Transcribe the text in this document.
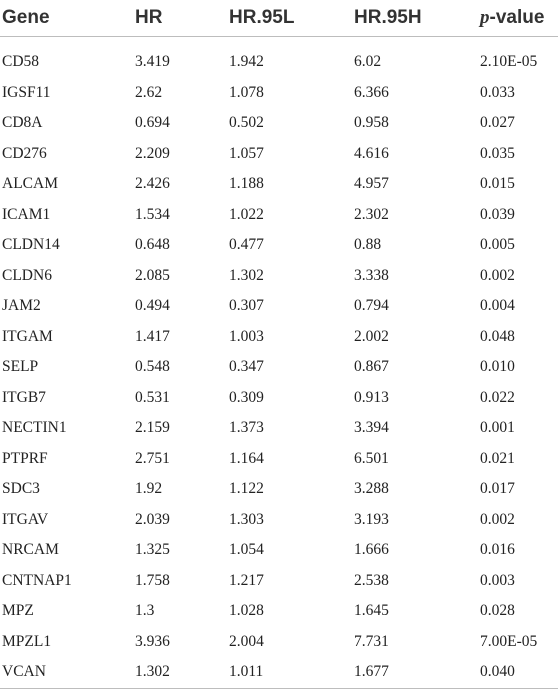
Gene	HR	HR.95L	HR.95H	p-value

CD58	3.419	1.942	6.02	2.10E-05
IGSF11	2.62	1.078	6.366	0.033
CD8A	0.694	0.502	0.958	0.027
CD276	2.209	1.057	4.616	0.035
ALCAM	2.426	1.188	4.957	0.015
ICAM1	1.534	1.022	2.302	0.039
CLDN14	0.648	0.477	0.88	0.005
CLDN6	2.085	1.302	3.338	0.002
JAM2	0.494	0.307	0.794	0.004
ITGAM	1.417	1.003	2.002	0.048
SELP	0.548	0.347	0.867	0.010
ITGB7	0.531	0.309	0.913	0.022
NECTIN1	2.159	1.373	3.394	0.001
PTPRF	2.751	1.164	6.501	0.021
SDC3	1.92	1.122	3.288	0.017
ITGAV	2.039	1.303	3.193	0.002
NRCAM	1.325	1.054	1.666	0.016
CNTNAP1	1.758	1.217	2.538	0.003
MPZ	1.3	1.028	1.645	0.028
MPZL1	3.936	2.004	7.731	7.00E-05
VCAN	1.302	1.011	1.677	0.040
